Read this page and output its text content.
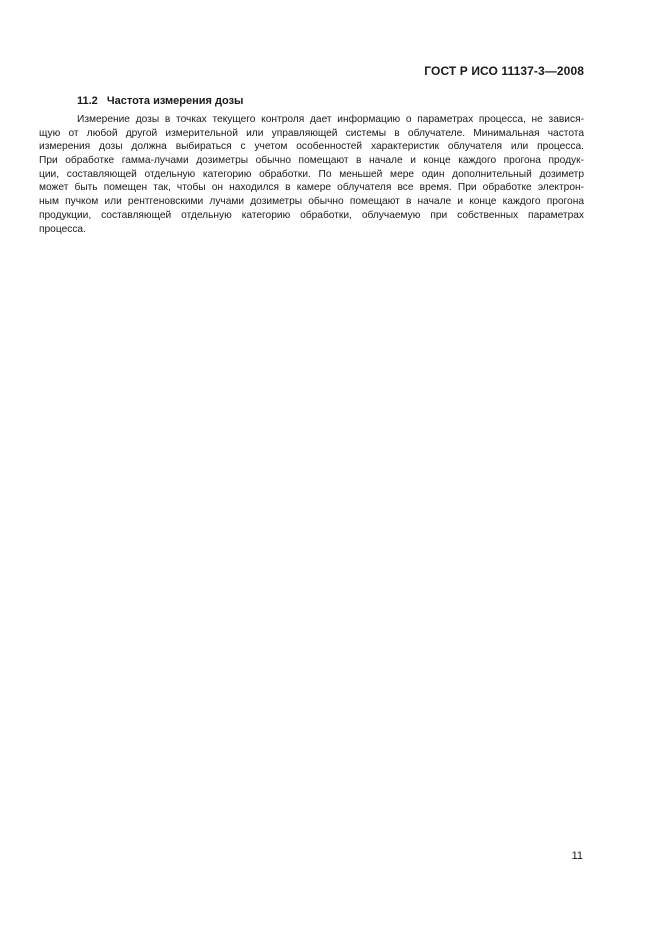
ГОСТ Р ИСО 11137-3—2008
11.2 Частота измерения дозы
Измерение дозы в точках текущего контроля дает информацию о параметрах процесса, не завися-
щую от любой другой измерительной или управляющей системы в облучателе. Минимальная частота
измерения дозы должна выбираться с учетом особенностей характеристик облучателя или процесса.
При обработке гамма-лучами дозиметры обычно помещают в начале и конце каждого прогона продук-
ции, составляющей отдельную категорию обработки. По меньшей мере один дополнительный дозиметр
может быть помещен так, чтобы он находился в камере облучателя все время. При обработке электрон-
ным пучком или рентгеновскими лучами дозиметры обычно помещают в начале и конце каждого прогона
продукции, составляющей отдельную категорию обработки, облучаемую при собственных параметрах
процесса.
11
